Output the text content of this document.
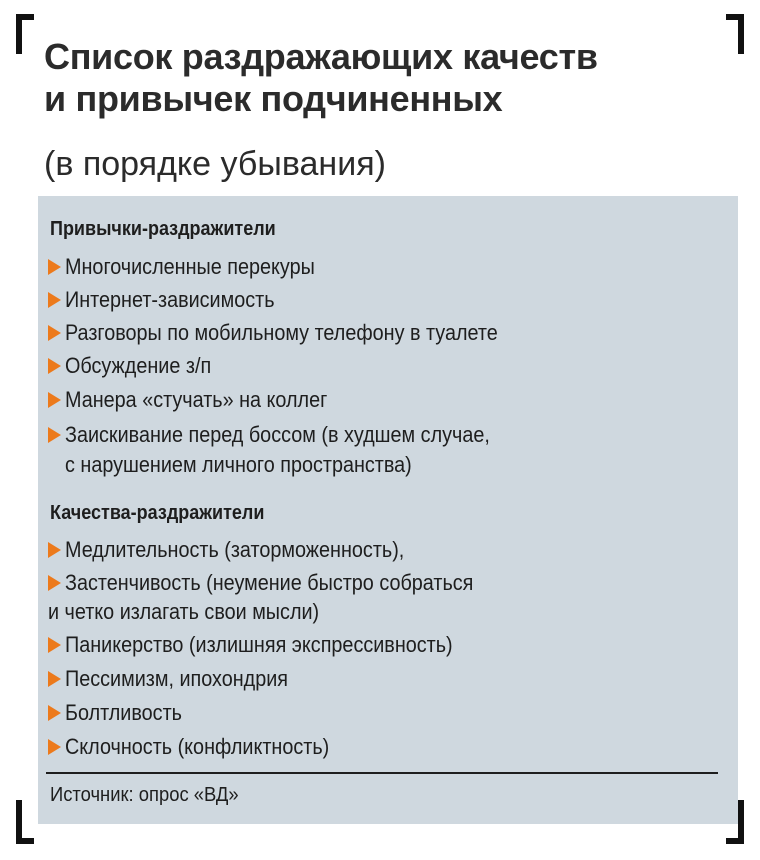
Список раздражающих качеств
и привычек подчиненных
(в порядке убывания)
Привычки-раздражители
Многочисленные перекуры
Интернет-зависимость
Разговоры по мобильному телефону в туалете
Обсуждение з/п
Манера «стучать» на коллег
Заискивание перед боссом (в худшем случае,
с нарушением личного пространства)
Качества-раздражители
Медлительность (заторможенность),
Застенчивость (неумение быстро собраться
и четко излагать свои мысли)
Паникерство (излишняя экспрессивность)
Пессимизм, ипохондрия
Болтливость
Склочность (конфликтность)
Источник: опрос «ВД»
